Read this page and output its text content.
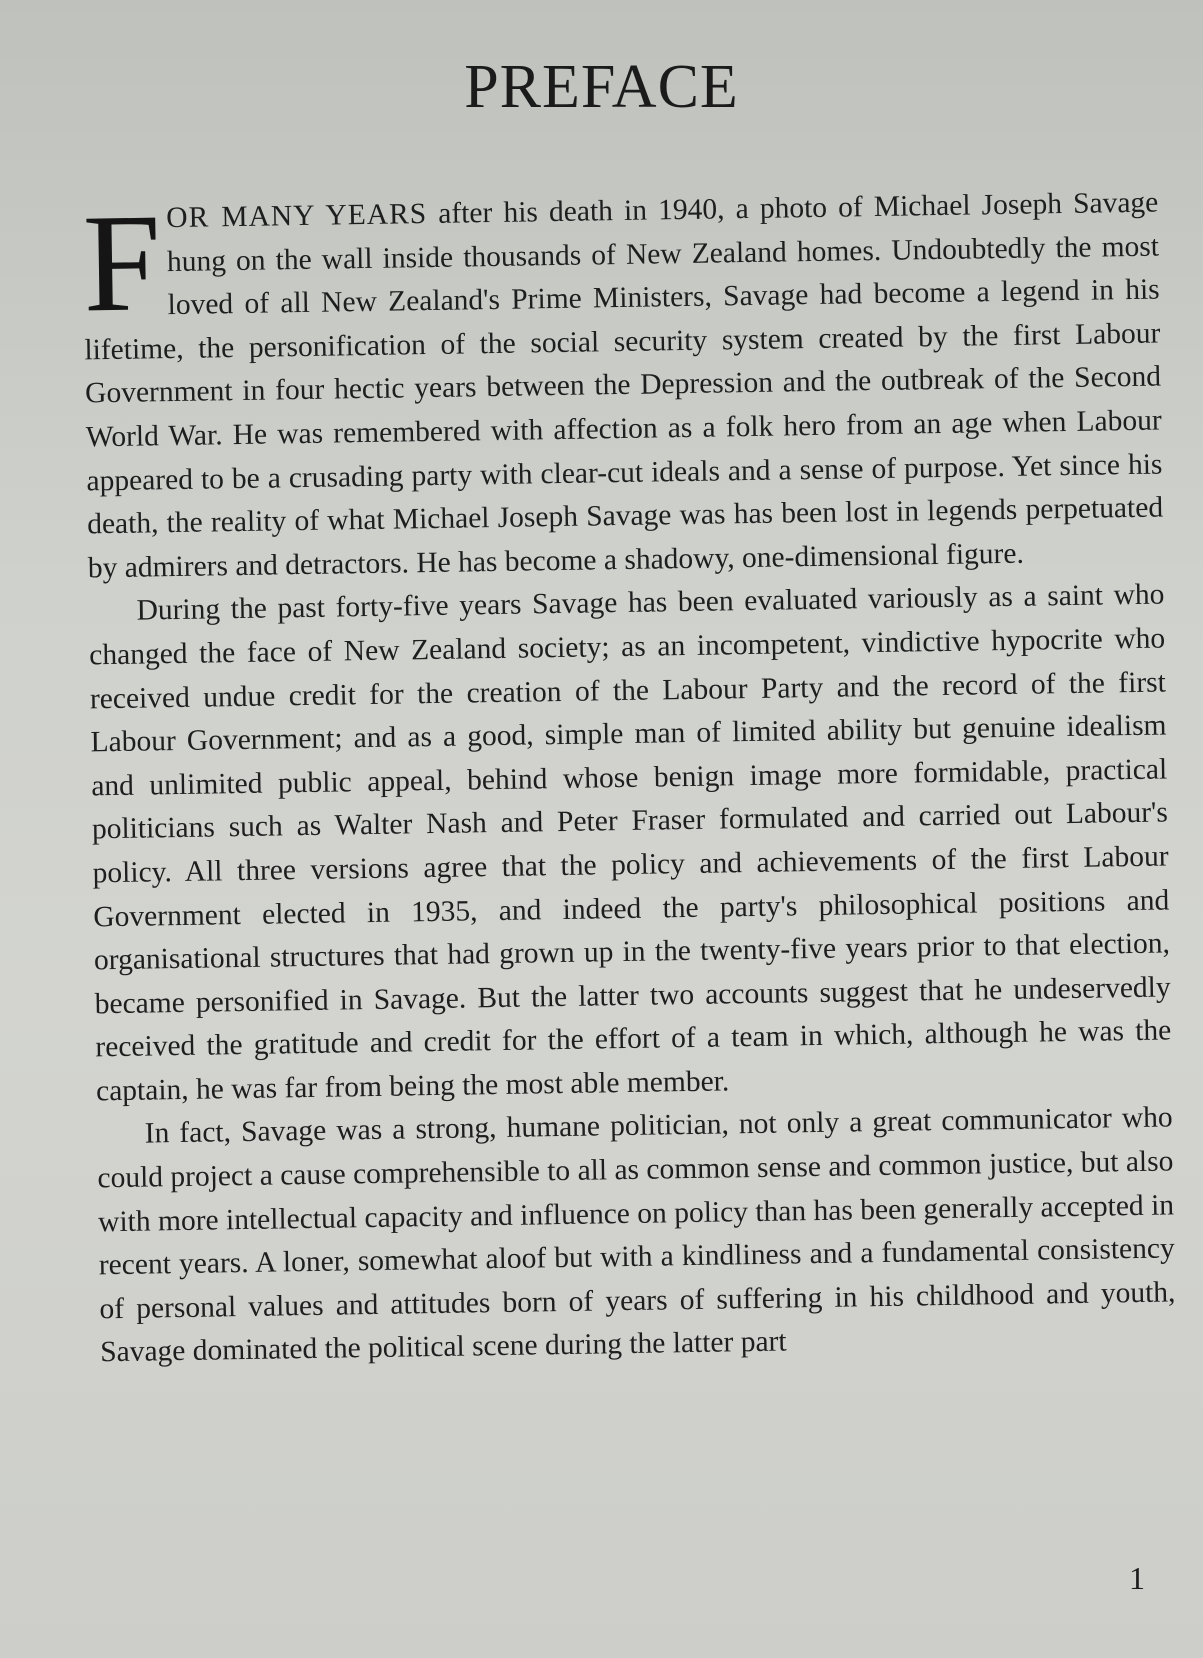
PREFACE

FOR MANY YEARS after his death in 1940, a photo of Michael Joseph Savage hung on the wall inside thousands of New Zealand homes. Undoubtedly the most loved of all New Zealand's Prime Ministers, Savage had become a legend in his lifetime, the personification of the social security system created by the first Labour Government in four hectic years between the Depression and the outbreak of the Second World War. He was remembered with affection as a folk hero from an age when Labour appeared to be a crusading party with clear-cut ideals and a sense of purpose. Yet since his death, the reality of what Michael Joseph Savage was has been lost in legends perpetuated by admirers and detractors. He has become a shadowy, one-dimensional figure.

During the past forty-five years Savage has been evaluated variously as a saint who changed the face of New Zealand society; as an incompetent, vindictive hypocrite who received undue credit for the creation of the Labour Party and the record of the first Labour Government; and as a good, simple man of limited ability but genuine idealism and unlimited public appeal, behind whose benign image more formidable, practical politicians such as Walter Nash and Peter Fraser formulated and carried out Labour's policy. All three versions agree that the policy and achievements of the first Labour Government elected in 1935, and indeed the party's philosophical positions and organisational structures that had grown up in the twenty-five years prior to that election, became personified in Savage. But the latter two accounts suggest that he undeservedly received the gratitude and credit for the effort of a team in which, although he was the captain, he was far from being the most able member.

In fact, Savage was a strong, humane politician, not only a great communicator who could project a cause comprehensible to all as common sense and common justice, but also with more intellectual capacity and influence on policy than has been generally accepted in recent years. A loner, somewhat aloof but with a kindliness and a fundamental consistency of personal values and attitudes born of years of suffering in his childhood and youth, Savage dominated the political scene during the latter part

1
